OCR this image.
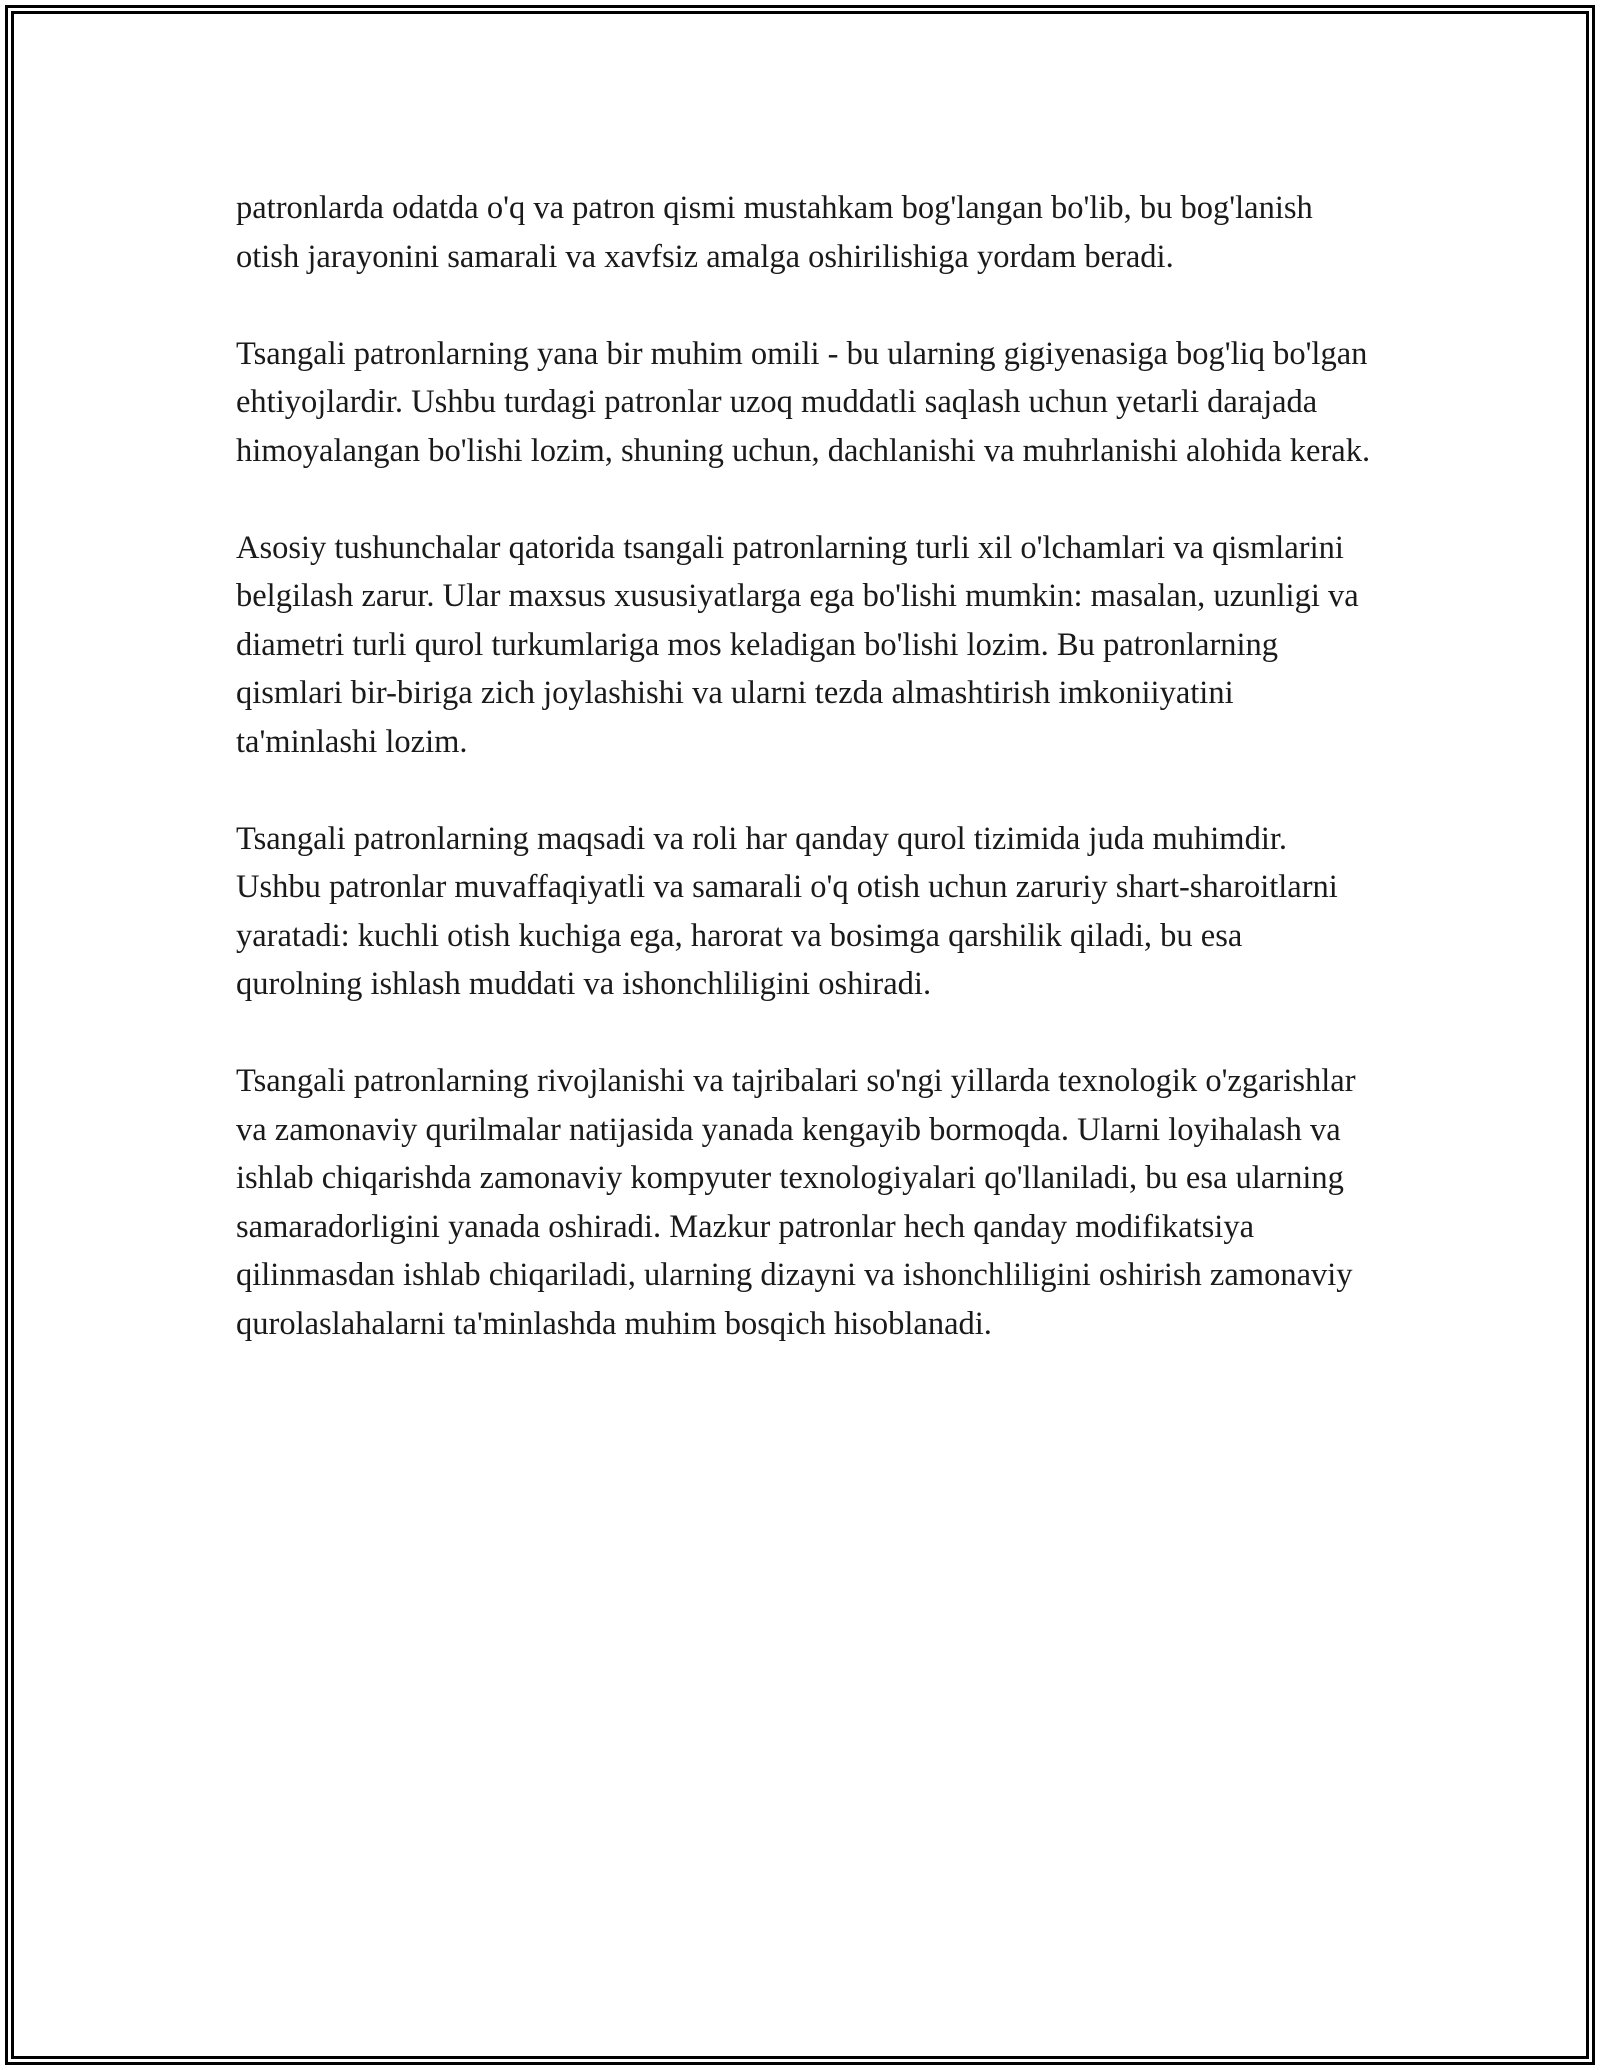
patronlarda odatda o'q va patron qismi mustahkam bog'langan bo'lib, bu bog'lanish otish jarayonini samarali va xavfsiz amalga oshirilishiga yordam beradi.

Tsangali patronlarning yana bir muhim omili - bu ularning gigiyenasiga bog'liq bo'lgan ehtiyojlardir. Ushbu turdagi patronlar uzoq muddatli saqlash uchun yetarli darajada himoyalangan bo'lishi lozim, shuning uchun, dachlanishi va muhrlanishi alohida kerak.

Asosiy tushunchalar qatorida tsangali patronlarning turli xil o'lchamlari va qismlarini belgilash zarur. Ular maxsus xususiyatlarga ega bo'lishi mumkin: masalan, uzunligi va diametri turli qurol turkumlariga mos keladigan bo'lishi lozim. Bu patronlarning qismlari bir-biriga zich joylashishi va ularni tezda almashtirish imkoniiyatini ta'minlashi lozim.

Tsangali patronlarning maqsadi va roli har qanday qurol tizimida juda muhimdir. Ushbu patronlar muvaffaqiyatli va samarali o'q otish uchun zaruriy shart-sharoitlarni yaratadi: kuchli otish kuchiga ega, harorat va bosimga qarshilik qiladi, bu esa qurolning ishlash muddati va ishonchliligini oshiradi.

Tsangali patronlarning rivojlanishi va tajribalari so'ngi yillarda texnologik o'zgarishlar va zamonaviy qurilmalar natijasida yanada kengayib bormoqda. Ularni loyihalash va ishlab chiqarishda zamonaviy kompyuter texnologiyalari qo'llaniladi, bu esa ularning samaradorligini yanada oshiradi. Mazkur patronlar hech qanday modifikatsiya qilinmasdan ishlab chiqariladi, ularning dizayni va ishonchliligini oshirish zamonaviy qurolaslahalarni ta'minlashda muhim bosqich hisoblanadi.
